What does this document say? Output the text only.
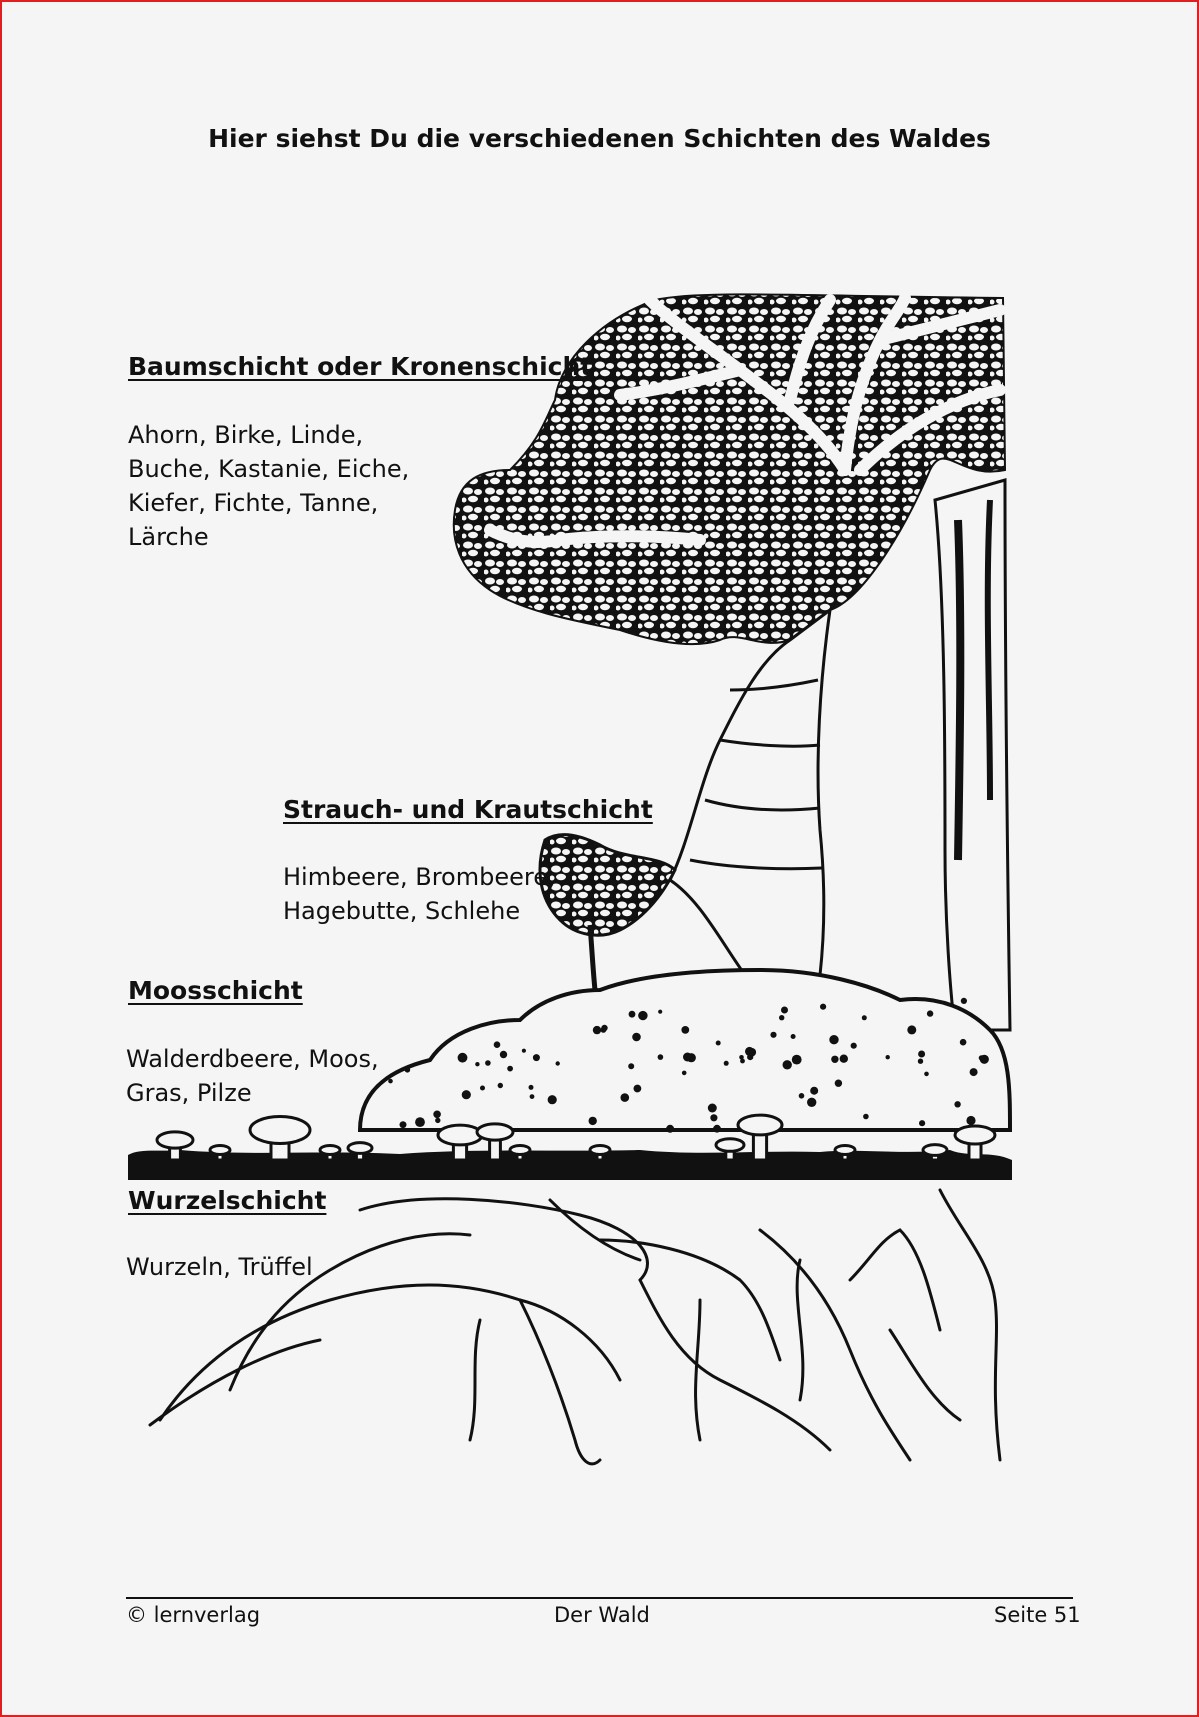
Hier siehst Du die verschiedenen Schichten des Waldes
Baumschicht oder Kronenschicht
Ahorn, Birke, Linde,
Buche, Kastanie, Eiche,
Kiefer, Fichte, Tanne,
Lärche
Strauch- und Krautschicht
Himbeere, Brombeere,
Hagebutte, Schlehe
Moosschicht
Walderdbeere, Moos,
Gras, Pilze
Wurzelschicht
Wurzeln, Trüffel
© lernverlag	Der Wald	Seite 51
